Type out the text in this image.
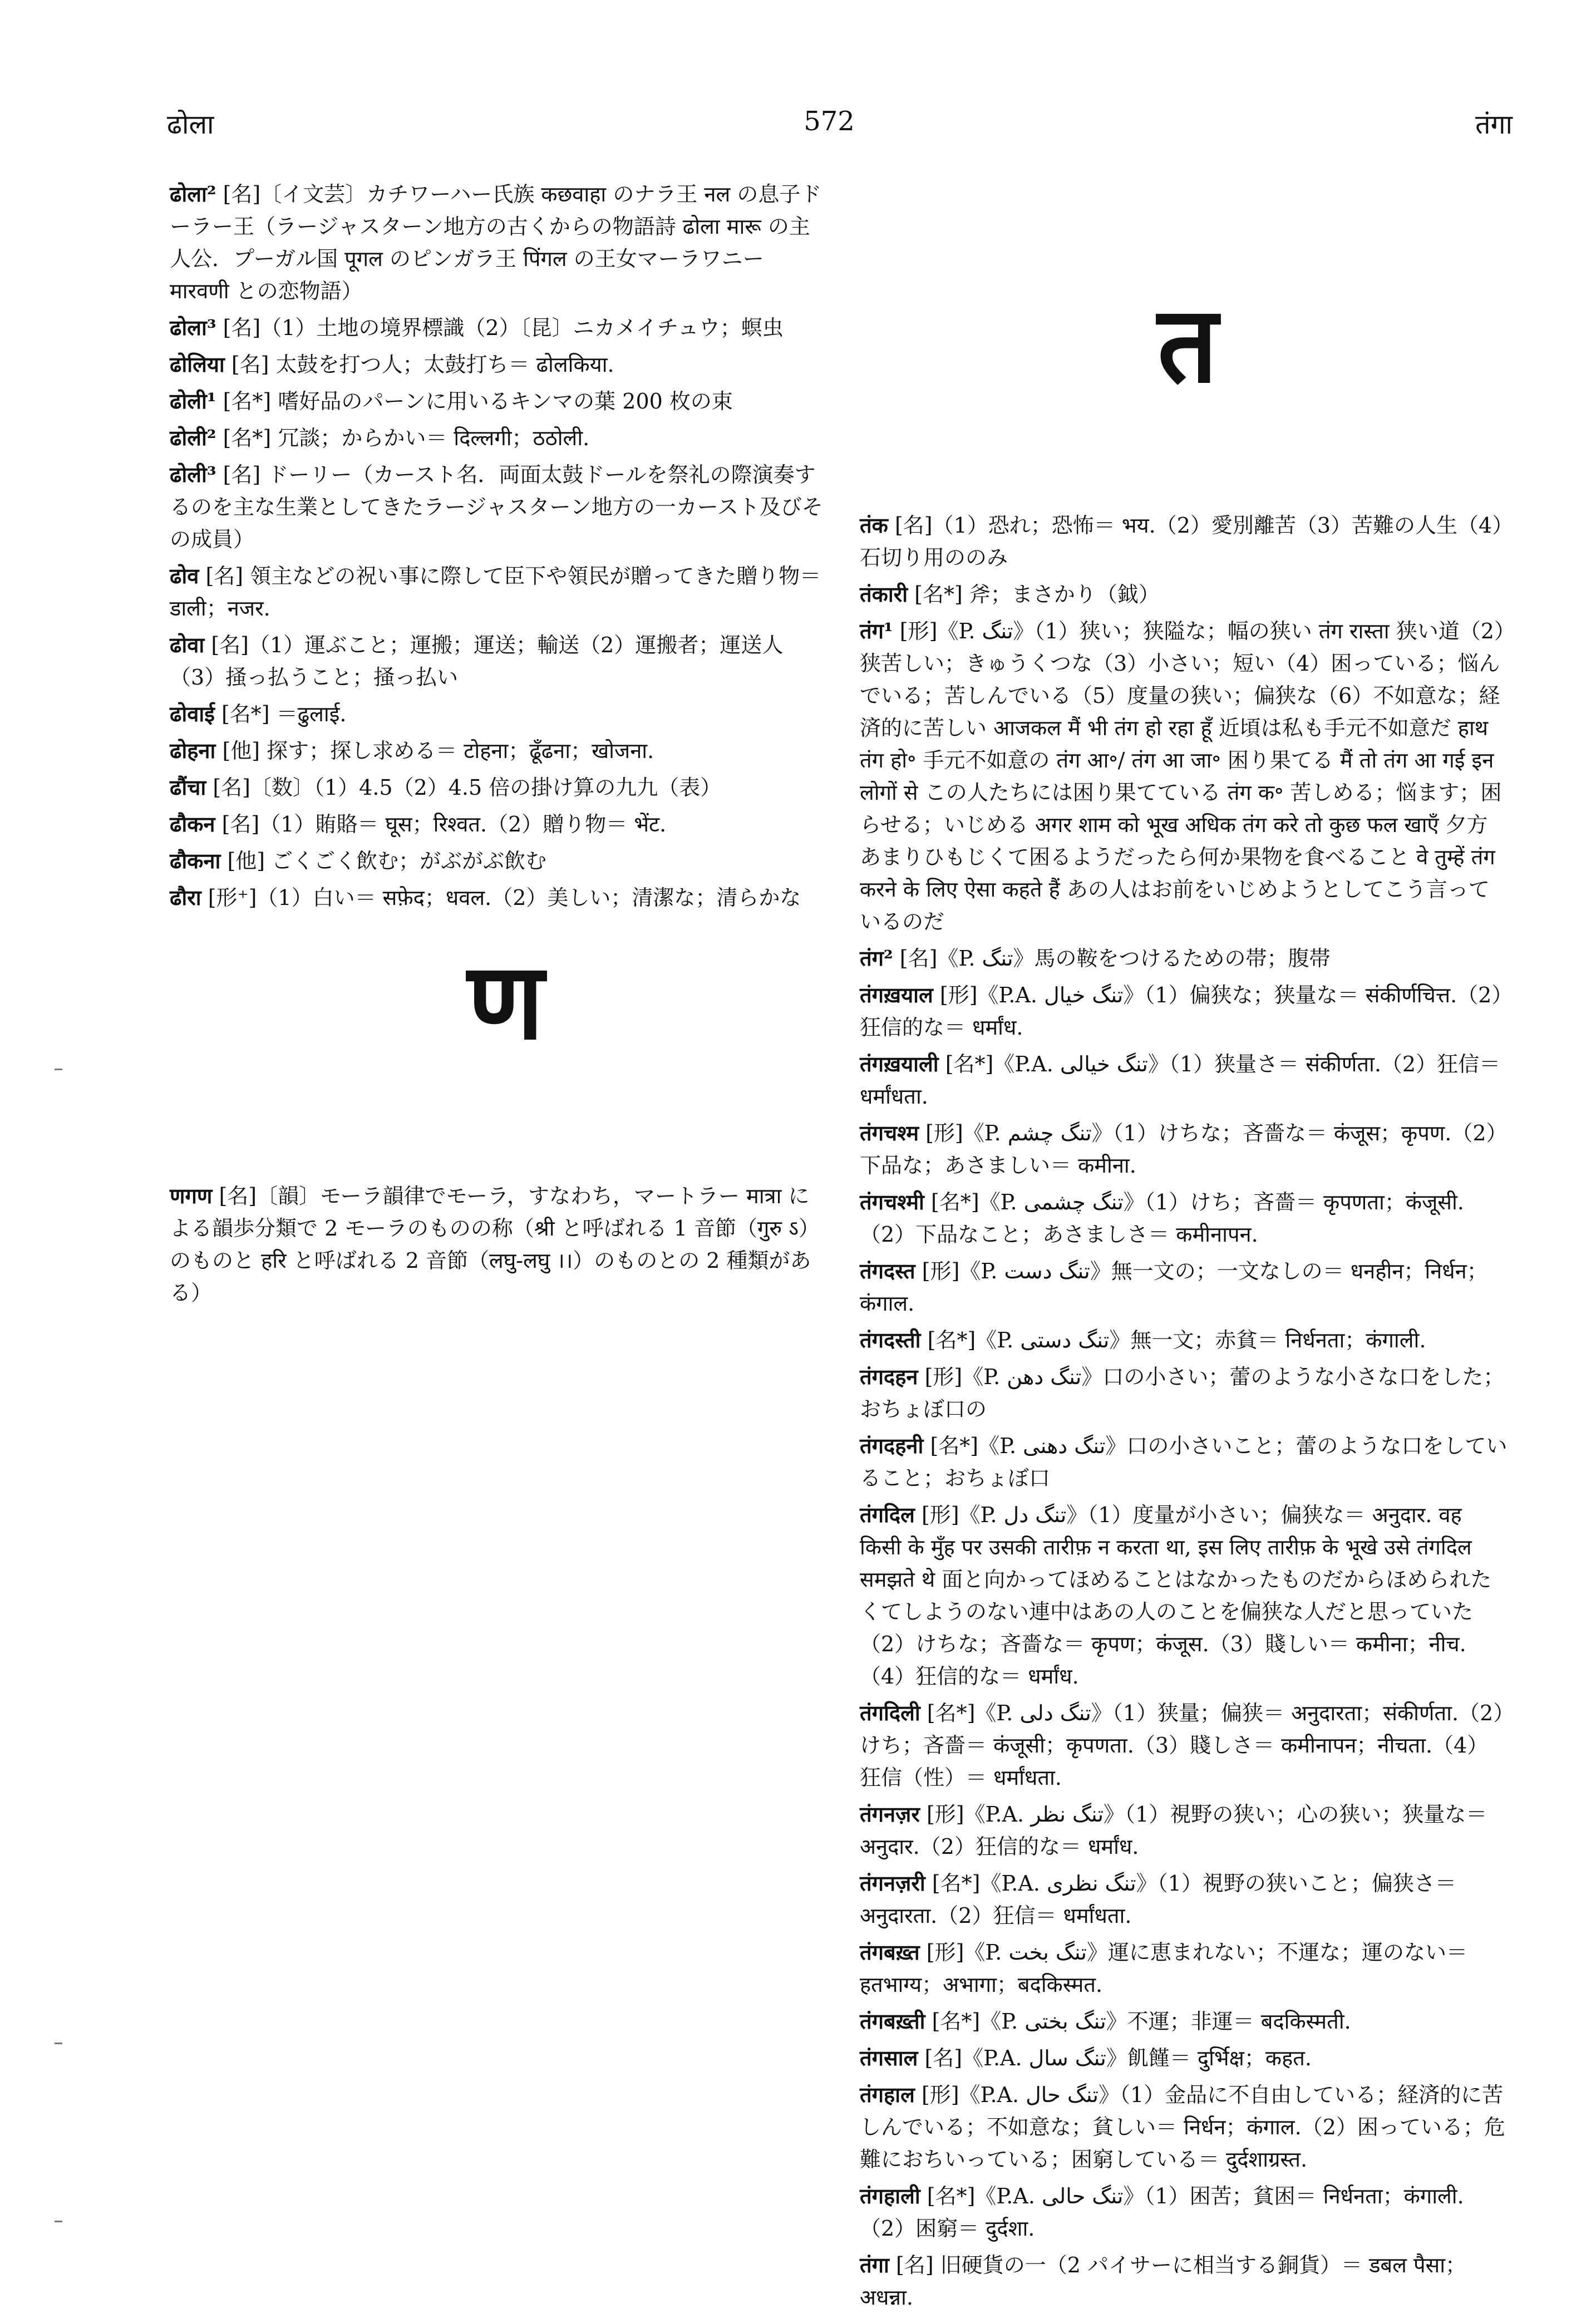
ढोला	572	तंगा
ढोला² [名]〔イ文芸〕カチワーハー氏族 कछवाहा のナラ王 नल の息子ドーラー王（ラージャスターン地方の古くからの物語詩 ढोला मारू の主人公．プーガル国 पूगल のピンガラ王 पिंगल の王女マーラワニー मारवणी との恋物語）
ढोला³ [名]（1）土地の境界標識（2）〔昆〕ニカメイチュウ；螟虫
ढोलिया [名] 太鼓を打つ人；太鼓打ち＝ ढोलकिया.
ढोली¹ [名*] 嗜好品のパーンに用いるキンマの葉 200 枚の束
ढोली² [名*] 冗談；からかい＝ दिल्लगी；ठठोली.
ढोली³ [名] ドーリー（カースト名．両面太鼓ドールを祭礼の際演奏するのを主な生業としてきたラージャスターン地方の一カースト及びその成員）
ढोव [名] 領主などの祝い事に際して臣下や領民が贈ってきた贈り物＝ डाली；नजर.
ढोवा [名]（1）運ぶこと；運搬；運送；輸送（2）運搬者；運送人（3）掻っ払うこと；掻っ払い
ढोवाई [名*] ＝ढुलाई.
ढोहना [他] 探す；探し求める＝ टोहना；ढूँढना；खोजना.
ढौंचा [名]〔数〕（1）4.5（2）4.5 倍の掛け算の九九（表）
ढौकन [名]（1）賄賂＝ घूस；रिश्वत.（2）贈り物＝ भेंट.
ढौकना [他] ごくごく飲む；がぶがぶ飲む
ढौरा [形⁺]（1）白い＝ सफ़ेद；धवल.（2）美しい；清潔な；清らかな
ण
णगण [名]〔韻〕モーラ韻律でモーラ，すなわち，マートラー मात्रा による韻歩分類で 2 モーラのものの称（श्री と呼ばれる 1 音節（गुरु ऽ）のものと हरि と呼ばれる 2 音節（लघु-लघु ।।）のものとの 2 種類がある）
त
तंक [名]（1）恐れ；恐怖＝ भय.（2）愛別離苦（3）苦難の人生（4）石切り用ののみ
तंकारी [名*] 斧；まさかり（鉞）
तंग¹ [形]《P. تنگ》（1）狭い；狭隘な；幅の狭い तंग रास्ता 狭い道（2）狭苦しい；きゅうくつな（3）小さい；短い（4）困っている；悩んでいる；苦しんでいる（5）度量の狭い；偏狭な（6）不如意な；経済的に苦しい आजकल मैं भी तंग हो रहा हूँ 近頃は私も手元不如意だ हाथ तंग हो॰ 手元不如意の तंग आ॰/ तंग आ जा॰ 困り果てる मैं तो तंग आ गई इन लोगों से この人たちには困り果てている तंग क॰ 苦しめる；悩ます；困らせる；いじめる अगर शाम को भूख अधिक तंग करे तो कुछ फल खाएँ 夕方あまりひもじくて困るようだったら何か果物を食べること वे तुम्हें तंग करने के लिए ऐसा कहते हैं あの人はお前をいじめようとしてこう言っているのだ
तंग² [名]《P. تنگ》馬の鞍をつけるための帯；腹帯
तंगख़याल [形]《P.A. تنگ خیال》（1）偏狭な；狭量な＝ संकीर्णचित्त.（2）狂信的な＝ धर्मांध.
तंगख़याली [名*]《P.A. تنگ خیالی》（1）狭量さ＝ संकीर्णता.（2）狂信＝ धर्मांधता.
तंगचश्म [形]《P. تنگ چشم》（1）けちな；吝嗇な＝ कंजूस；कृपण.（2）下品な；あさましい＝ कमीना.
तंगचश्मी [名*]《P. تنگ چشمی》（1）けち；吝嗇＝ कृपणता；कंजूसी.（2）下品なこと；あさましさ＝ कमीनापन.
तंगदस्त [形]《P. تنگ دست》無一文の；一文なしの＝ धनहीन；निर्धन；कंगाल.
तंगदस्ती [名*]《P. تنگ دستی》無一文；赤貧＝ निर्धनता；कंगाली.
तंगदहन [形]《P. تنگ دهن》口の小さい；蕾のような小さな口をした；おちょぼ口の
तंगदहनी [名*]《P. تنگ دهنی》口の小さいこと；蕾のような口をしていること；おちょぼ口
तंगदिल [形]《P. تنگ دل》（1）度量が小さい；偏狭な＝ अनुदार. वह किसी के मुँह पर उसकी तारीफ़ न करता था, इस लिए तारीफ़ के भूखे उसे तंगदिल समझते थे 面と向かってほめることはなかったものだからほめられたくてしようのない連中はあの人のことを偏狭な人だと思っていた（2）けちな；吝嗇な＝ कृपण；कंजूस.（3）賤しい＝ कमीना；नीच.（4）狂信的な＝ धर्मांध.
तंगदिली [名*]《P. تنگ دلی》（1）狭量；偏狭＝ अनुदारता；संकीर्णता.（2）けち；吝嗇＝ कंजूसी；कृपणता.（3）賤しさ＝ कमीनापन；नीचता.（4）狂信（性）＝ धर्मांधता.
तंगनज़र [形]《P.A. تنگ نظر》（1）視野の狭い；心の狭い；狭量な＝ अनुदार.（2）狂信的な＝ धर्मांध.
तंगनज़री [名*]《P.A. تنگ نظری》（1）視野の狭いこと；偏狭さ＝ अनुदारता.（2）狂信＝ धर्मांधता.
तंगबख़्त [形]《P. تنگ بخت》運に恵まれない；不運な；運のない＝ हतभाग्य；अभागा；बदकिस्मत.
तंगबख़्ती [名*]《P. تنگ بختی》不運；非運＝ बदकिस्मती.
तंगसाल [名]《P.A. تنگ سال》飢饉＝ दुर्भिक्ष；कहत.
तंगहाल [形]《P.A. تنگ حال》（1）金品に不自由している；経済的に苦しんでいる；不如意な；貧しい＝ निर्धन；कंगाल.（2）困っている；危難におちいっている；困窮している＝ दुर्दशाग्रस्त.
तंगहाली [名*]《P.A. تنگ حالی》（1）困苦；貧困＝ निर्धनता；कंगाली.（2）困窮＝ दुर्दशा.
तंगा [名] 旧硬貨の一（2 パイサーに相当する銅貨）＝ डबल पैसा；अधन्ना.
